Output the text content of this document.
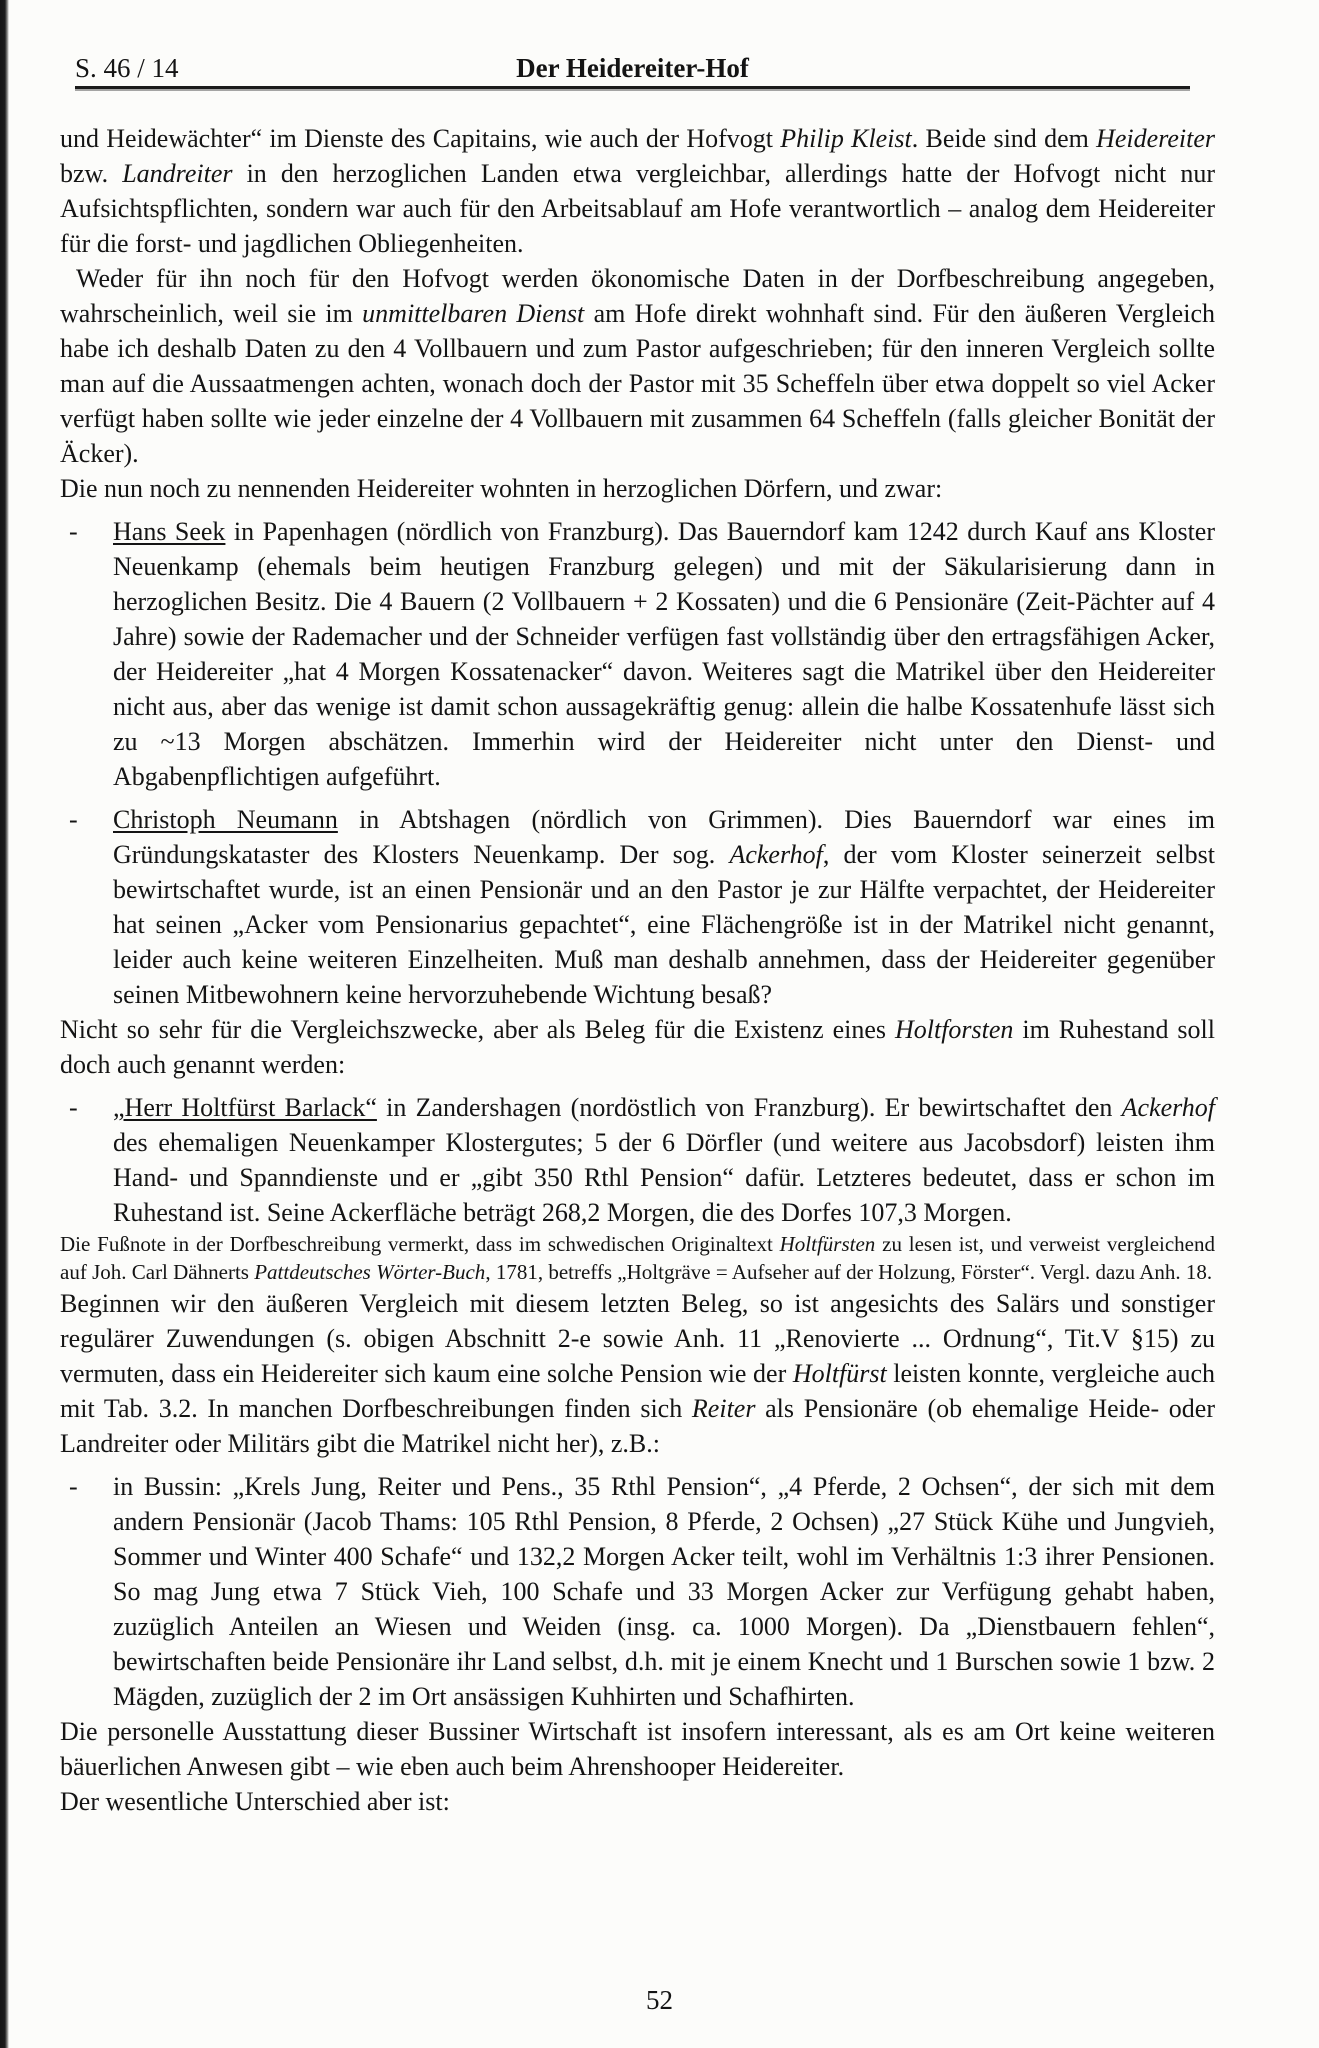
S. 46 / 14	Der Heidereiter-Hof

und Heidewächter“ im Dienste des Capitains, wie auch der Hofvogt Philip Kleist. Beide sind dem Heidereiter bzw. Landreiter in den herzoglichen Landen etwa vergleichbar, allerdings hatte der Hofvogt nicht nur Aufsichtspflichten, sondern war auch für den Arbeitsablauf am Hofe verantwortlich – analog dem Heidereiter für die forst- und jagdlichen Obliegenheiten.

Weder für ihn noch für den Hofvogt werden ökonomische Daten in der Dorfbeschreibung angegeben, wahrscheinlich, weil sie im unmittelbaren Dienst am Hofe direkt wohnhaft sind. Für den äußeren Vergleich habe ich deshalb Daten zu den 4 Vollbauern und zum Pastor aufgeschrieben; für den inneren Vergleich sollte man auf die Aussaatmengen achten, wonach doch der Pastor mit 35 Scheffeln über etwa doppelt so viel Acker verfügt haben sollte wie jeder einzelne der 4 Vollbauern mit zusammen 64 Scheffeln (falls gleicher Bonität der Äcker).

Die nun noch zu nennenden Heidereiter wohnten in herzoglichen Dörfern, und zwar:

-	Hans Seek in Papenhagen (nördlich von Franzburg). Das Bauerndorf kam 1242 durch Kauf ans Kloster Neuenkamp (ehemals beim heutigen Franzburg gelegen) und mit der Säkularisierung dann in herzoglichen Besitz. Die 4 Bauern (2 Vollbauern + 2 Kossaten) und die 6 Pensionäre (Zeit-Pächter auf 4 Jahre) sowie der Rademacher und der Schneider verfügen fast vollständig über den ertragsfähigen Acker, der Heidereiter „hat 4 Morgen Kossatenacker“ davon. Weiteres sagt die Matrikel über den Heidereiter nicht aus, aber das wenige ist damit schon aussagekräftig genug: allein die halbe Kossatenhufe lässt sich zu ~13 Morgen abschätzen. Immerhin wird der Heidereiter nicht unter den Dienst- und Abgabenpflichtigen aufgeführt.

-	Christoph Neumann in Abtshagen (nördlich von Grimmen). Dies Bauerndorf war eines im Gründungskataster des Klosters Neuenkamp. Der sog. Ackerhof, der vom Kloster seinerzeit selbst bewirtschaftet wurde, ist an einen Pensionär und an den Pastor je zur Hälfte verpachtet, der Heidereiter hat seinen „Acker vom Pensionarius gepachtet“, eine Flächengröße ist in der Matrikel nicht genannt, leider auch keine weiteren Einzelheiten. Muß man deshalb annehmen, dass der Heidereiter gegenüber seinen Mitbewohnern keine hervorzuhebende Wichtung besaß?

Nicht so sehr für die Vergleichszwecke, aber als Beleg für die Existenz eines Holtforsten im Ruhestand soll doch auch genannt werden:

-	„Herr Holtfürst Barlack“ in Zandershagen (nordöstlich von Franzburg). Er bewirtschaftet den Ackerhof des ehemaligen Neuenkamper Klostergutes; 5 der 6 Dörfler (und weitere aus Jacobsdorf) leisten ihm Hand- und Spanndienste und er „gibt 350 Rthl Pension“ dafür. Letzteres bedeutet, dass er schon im Ruhestand ist. Seine Ackerfläche beträgt 268,2 Morgen, die des Dorfes 107,3 Morgen.

Die Fußnote in der Dorfbeschreibung vermerkt, dass im schwedischen Originaltext Holtfürsten zu lesen ist, und verweist vergleichend auf Joh. Carl Dähnerts Pattdeutsches Wörter-Buch, 1781, betreffs „Holtgräve = Aufseher auf der Holzung, Förster“. Vergl. dazu Anh. 18.

Beginnen wir den äußeren Vergleich mit diesem letzten Beleg, so ist angesichts des Salärs und sonstiger regulärer Zuwendungen (s. obigen Abschnitt 2-e sowie Anh. 11 „Renovierte ... Ordnung“, Tit.V §15) zu vermuten, dass ein Heidereiter sich kaum eine solche Pension wie der Holtfürst leisten konnte, vergleiche auch mit Tab. 3.2. In manchen Dorfbeschreibungen finden sich Reiter als Pensionäre (ob ehemalige Heide- oder Landreiter oder Militärs gibt die Matrikel nicht her), z.B.:

-	in Bussin: „Krels Jung, Reiter und Pens., 35 Rthl Pension“, „4 Pferde, 2 Ochsen“, der sich mit dem andern Pensionär (Jacob Thams: 105 Rthl Pension, 8 Pferde, 2 Ochsen) „27 Stück Kühe und Jungvieh, Sommer und Winter 400 Schafe“ und 132,2 Morgen Acker teilt, wohl im Verhältnis 1:3 ihrer Pensionen. So mag Jung etwa 7 Stück Vieh, 100 Schafe und 33 Morgen Acker zur Verfügung gehabt haben, zuzüglich Anteilen an Wiesen und Weiden (insg. ca. 1000 Morgen). Da „Dienstbauern fehlen“, bewirtschaften beide Pensionäre ihr Land selbst, d.h. mit je einem Knecht und 1 Burschen sowie 1 bzw. 2 Mägden, zuzüglich der 2 im Ort ansässigen Kuhhirten und Schafhirten.

Die personelle Ausstattung dieser Bussiner Wirtschaft ist insofern interessant, als es am Ort keine weiteren bäuerlichen Anwesen gibt – wie eben auch beim Ahrenshooper Heidereiter.

Der wesentliche Unterschied aber ist:

52
